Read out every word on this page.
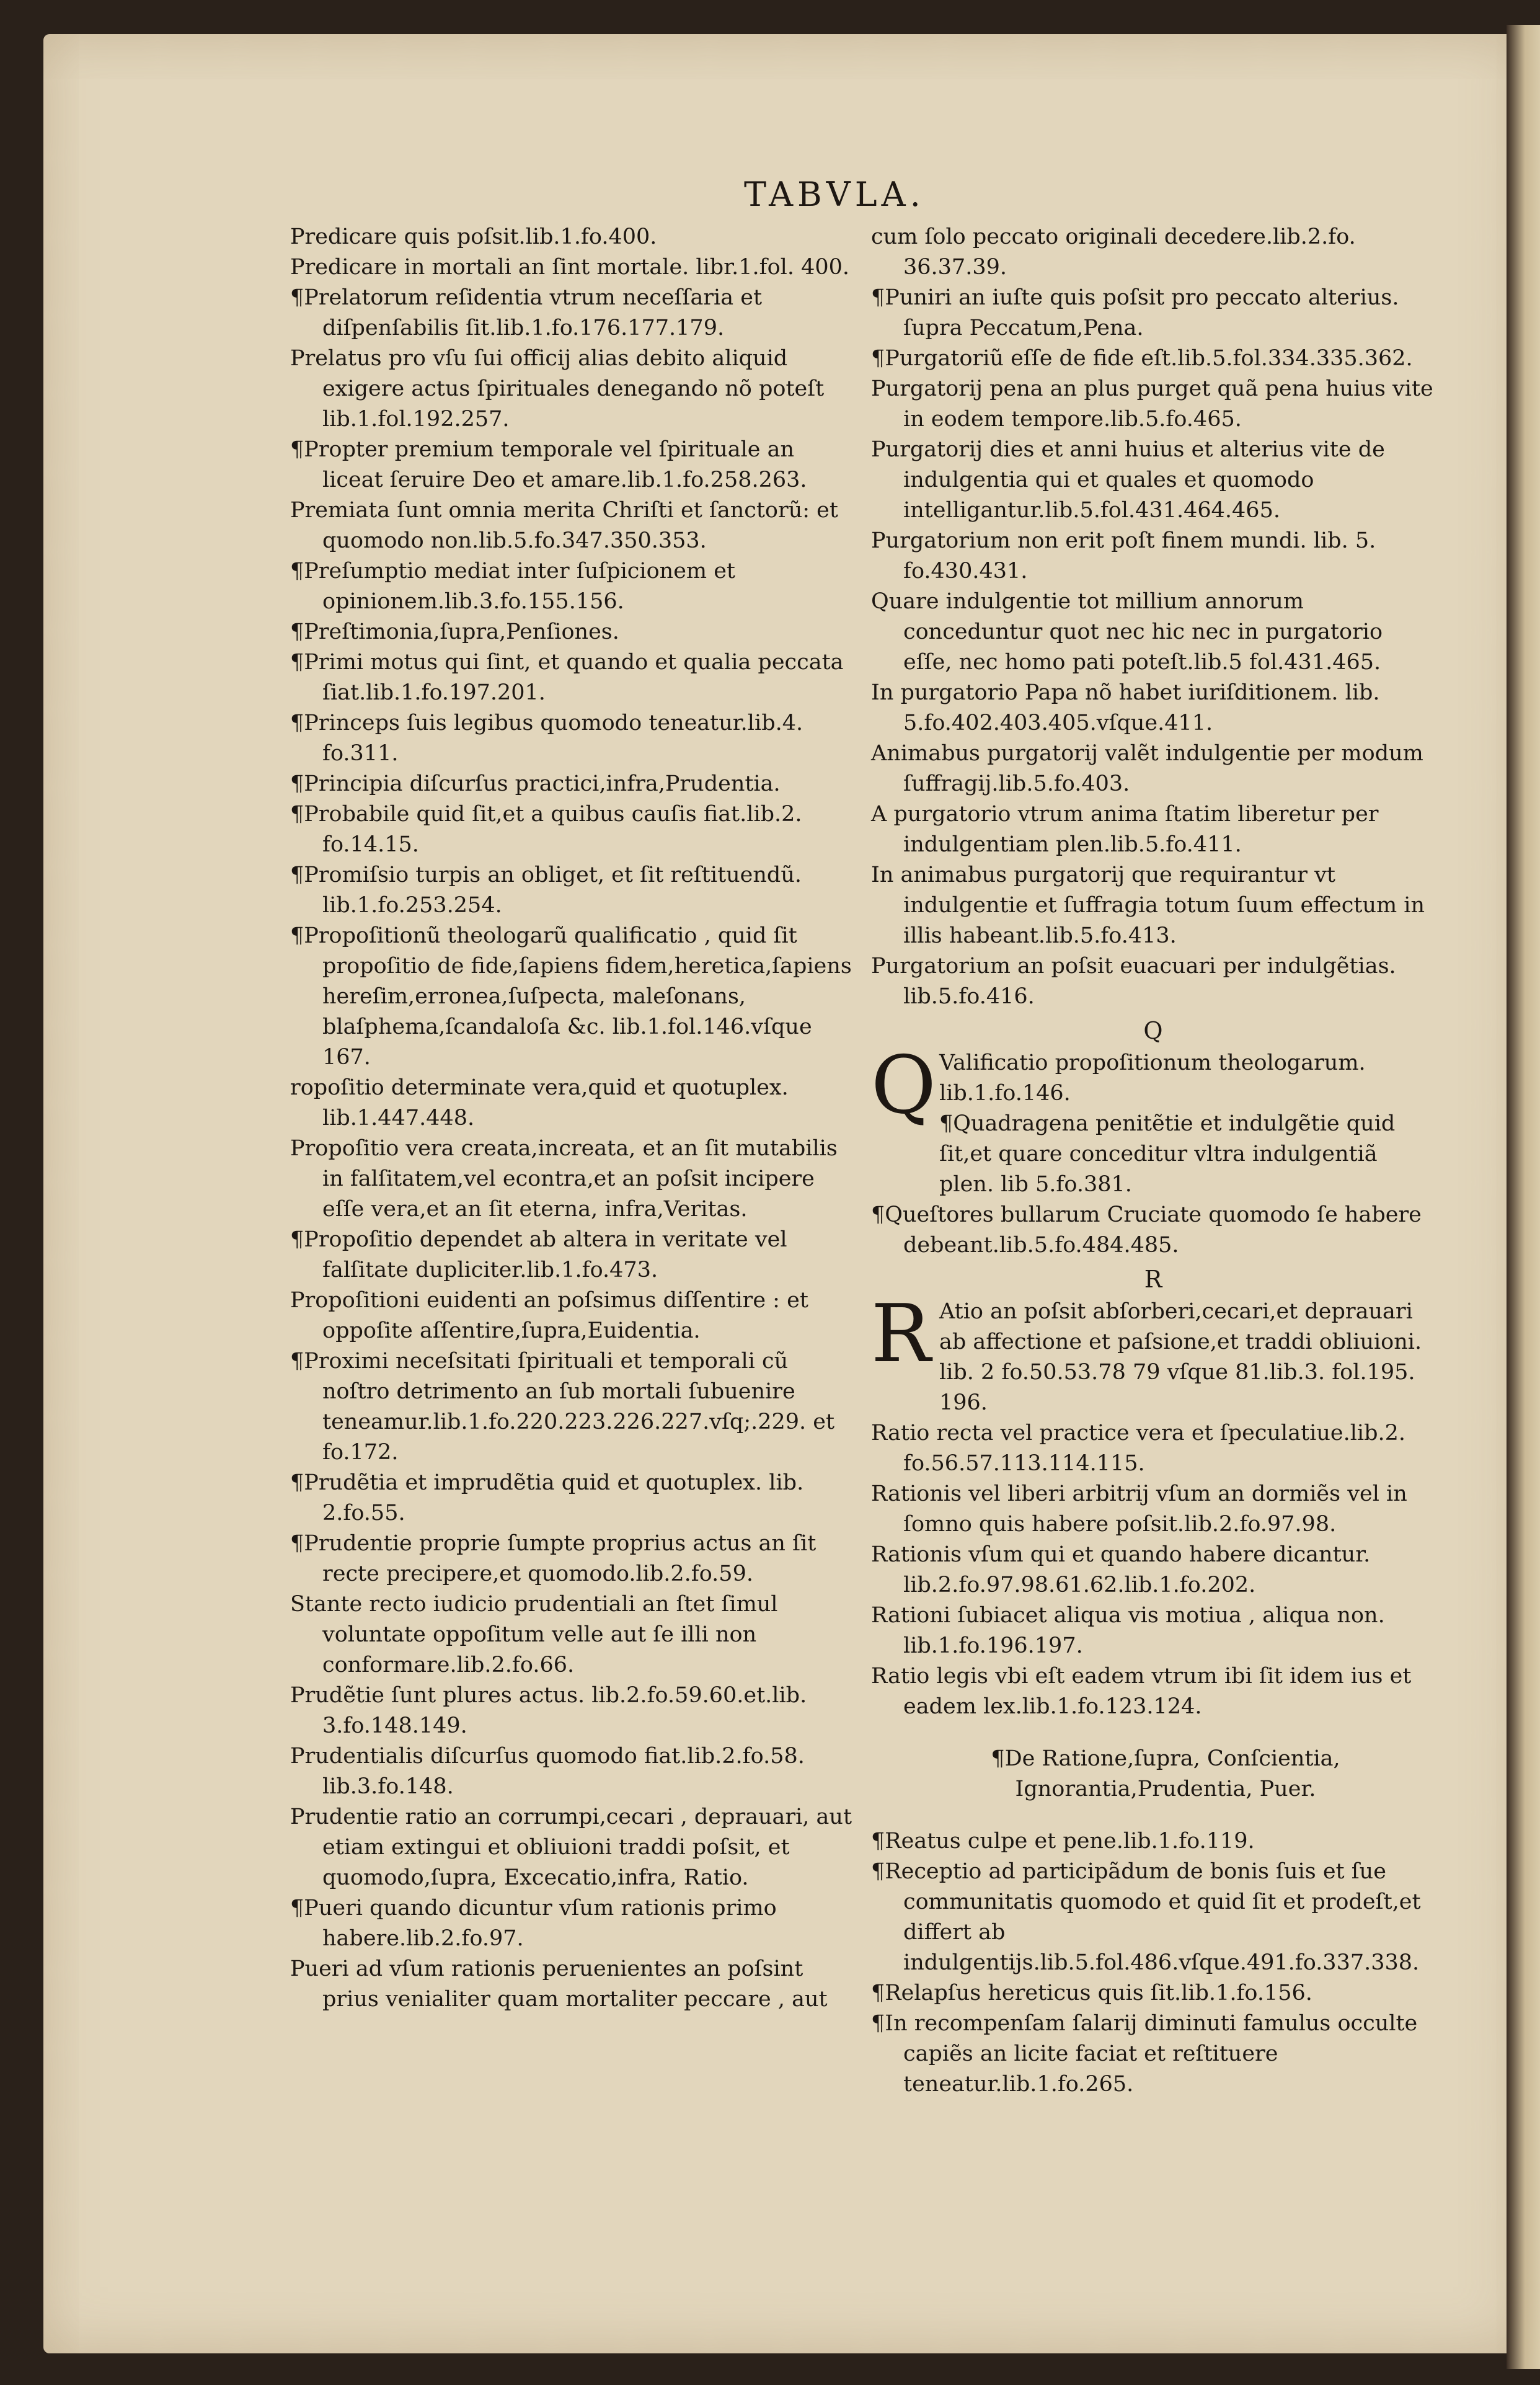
TABVLA.

Predicare quis poſsit.lib.1.fo.400.

Predicare in mortali an ſint mortale. libr.1.fol. 400.

¶Prelatorum reſidentia vtrum neceſſaria et diſpenſabilis ſit.lib.1.fo.176.177.179.

Prelatus pro vſu ſui officij alias debito aliquid exigere actus ſpirituales denegando nõ poteſt lib.1.fol.192.257.

¶Propter premium temporale vel ſpirituale an liceat ſeruire Deo et amare.lib.1.fo.258.263.

Premiata ſunt omnia merita Chriſti et ſanctorũ: et quomodo non.lib.5.fo.347.350.353.

¶Preſumptio mediat inter ſuſpicionem et opinionem.lib.3.fo.155.156.

¶Preſtimonia,ſupra,Penſiones.

¶Primi motus qui ſint, et quando et qualia peccata ſiat.lib.1.fo.197.201.

¶Princeps ſuis legibus quomodo teneatur.lib.4. fo.311.

¶Principia diſcurſus practici,infra,Prudentia.

¶Probabile quid ſit,et a quibus cauſis fiat.lib.2. fo.14.15.

¶Promiſsio turpis an obliget, et ſit reſtituendũ. lib.1.fo.253.254.

¶Propoſitionũ theologarũ qualificatio , quid ſit propoſitio de fide,ſapiens fidem,heretica,ſapiens hereſim,erronea,ſuſpecta, maleſonans, blaſphema,ſcandaloſa &c. lib.1.fol.146.vſque 167.

ropoſitio determinate vera,quid et quotuplex. lib.1.447.448.

Propoſitio vera creata,increata, et an ſit mutabilis in falſitatem,vel econtra,et an poſsit incipere eſſe vera,et an ſit eterna, infra,Veritas.

¶Propoſitio dependet ab altera in veritate vel falſitate dupliciter.lib.1.fo.473.

Propoſitioni euidenti an poſsimus diſſentire : et oppoſite aſſentire,ſupra,Euidentia.

¶Proximi neceſsitati ſpirituali et temporali cũ noſtro detrimento an ſub mortali ſubuenire teneamur.lib.1.fo.220.223.226.227.vſq;.229. et fo.172.

¶Prudẽtia et imprudẽtia quid et quotuplex. lib. 2.fo.55.

¶Prudentie proprie ſumpte proprius actus an ſit recte precipere,et quomodo.lib.2.fo.59.

Stante recto iudicio prudentiali an ſtet ſimul voluntate oppoſitum velle aut ſe illi non conformare.lib.2.fo.66.

Prudẽtie ſunt plures actus. lib.2.fo.59.60.et.lib. 3.fo.148.149.

Prudentialis diſcurſus quomodo fiat.lib.2.fo.58. lib.3.fo.148.

Prudentie ratio an corrumpi,cecari , deprauari, aut etiam extingui et obliuioni traddi poſsit, et quomodo,ſupra, Excecatio,infra, Ratio.

¶Pueri quando dicuntur vſum rationis primo habere.lib.2.fo.97.

Pueri ad vſum rationis peruenientes an poſsint prius venialiter quam mortaliter peccare , aut

cum ſolo peccato originali decedere.lib.2.fo. 36.37.39.

¶Puniri an iuſte quis poſsit pro peccato alterius. ſupra Peccatum,Pena.

¶Purgatoriũ eſſe de fide eſt.lib.5.fol.334.335.362.

Purgatorij pena an plus purget quã pena huius vite in eodem tempore.lib.5.fo.465.

Purgatorij dies et anni huius et alterius vite de indulgentia qui et quales et quomodo intelligantur.lib.5.fol.431.464.465.

Purgatorium non erit poſt finem mundi. lib. 5. fo.430.431.

Quare indulgentie tot millium annorum conceduntur quot nec hic nec in purgatorio eſſe, nec homo pati poteſt.lib.5 fol.431.465.

In purgatorio Papa nõ habet iuriſditionem. lib. 5.fo.402.403.405.vſque.411.

Animabus purgatorij valẽt indulgentie per modum ſuffragij.lib.5.fo.403.

A purgatorio vtrum anima ſtatim liberetur per indulgentiam plen.lib.5.fo.411.

In animabus purgatorij que requirantur vt indulgentie et ſuffragia totum ſuum effectum in illis habeant.lib.5.fo.413.

Purgatorium an poſsit euacuari per indulgẽtias. lib.5.fo.416.

Q
Q Valificatio propoſitionum theologarum. lib.1.fo.146.

¶Quadragena penitẽtie et indulgẽtie quid ſit,et quare conceditur vltra indulgentiã plen. lib 5.fo.381.

¶Queſtores bullarum Cruciate quomodo ſe habere debeant.lib.5.fo.484.485.

R
R Atio an poſsit abſorberi,cecari,et deprauari ab affectione et paſsione,et traddi obliuioni. lib. 2 fo.50.53.78 79 vſque 81.lib.3. fol.195. 196.

Ratio recta vel practice vera et ſpeculatiue.lib.2. fo.56.57.113.114.115.

Rationis vel liberi arbitrij vſum an dormiẽs vel in ſomno quis habere poſsit.lib.2.fo.97.98.

Rationis vſum qui et quando habere dicantur. lib.2.fo.97.98.61.62.lib.1.fo.202.

Rationi ſubiacet aliqua vis motiua , aliqua non. lib.1.fo.196.197.

Ratio legis vbi eſt eadem vtrum ibi ſit idem ius et eadem lex.lib.1.fo.123.124.

¶De Ratione,ſupra, Conſcientia, Ignorantia,Prudentia, Puer.

¶Reatus culpe et pene.lib.1.fo.119.

¶Receptio ad participãdum de bonis ſuis et ſue communitatis quomodo et quid ſit et prodeſt,et differt ab indulgentijs.lib.5.fol.486.vſque.491.fo.337.338.

¶Relapſus hereticus quis ſit.lib.1.fo.156.

¶In recompenſam ſalarij diminuti famulus occulte capiẽs an licite faciat et reſtituere teneatur.lib.1.fo.265.
